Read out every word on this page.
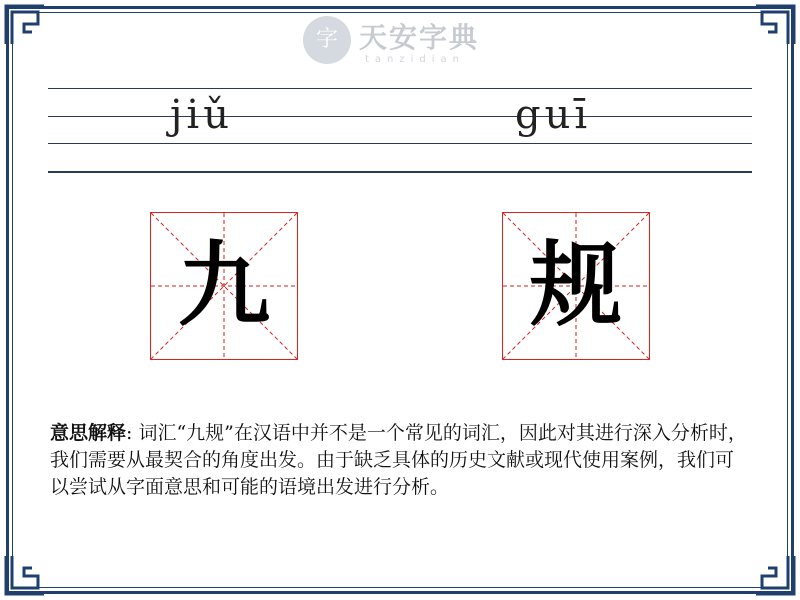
字 天安字典
tanzidian
jiǔ	guī
九	规
意思解释: 词汇“九规”在汉语中并不是一个常见的词汇，因此对其进行深入分析时，我们需要从最契合的角度出发。由于缺乏具体的历史文献或现代使用案例，我们可以尝试从字面意思和可能的语境出发进行分析。
